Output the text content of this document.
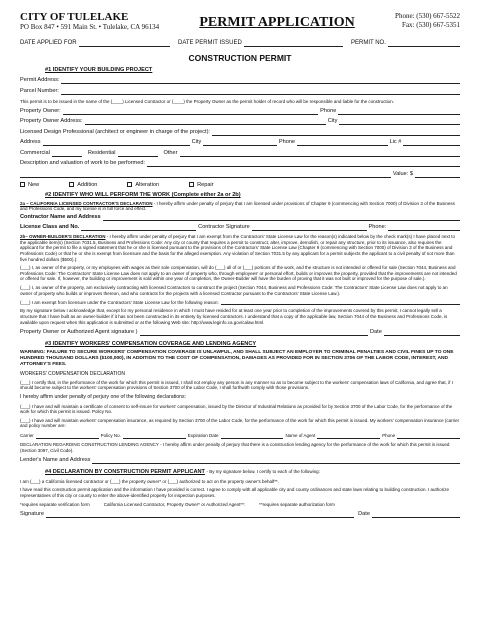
CITY OF TULELAKE
PO Box 847 • 591 Main St. • Tulelake, CA 96134	PERMIT APPLICATION	Phone: (530) 667-5522
Fax: (530) 667-5351
DATE APPLIED FOR	DATE PERMIT ISSUED	PERMIT NO.
CONSTRUCTION PERMIT
#1 IDENTIFY YOUR BUILDING PROJECT
Permit Address:
Parcel Number:
This permit is to be issued in the name of the (____) Licensed Contractor or (____) the Property Owner as the permit holder of record who will be responsible and liable for the construction.
Property Owner:	Phone
Property Owner Address:	City
Licensed Design Professional (architect or engineer in charge of the project):
Address	City	Phone	Lic #
Commercial	Residential	Other
Description and valuation of work to be performed:
Value: $
New	Addition	Alteration	Repair
#2 IDENTIFY WHO WILL PERFORM THE WORK (Complete either 2a or 2b)
2a – CALIFORNIA LICENSED CONTRACTOR'S DECLARATION - I hereby affirm under penalty of perjury that I am licensed under provisions of Chapter 9 (commencing with Section 7000) of Division 3 of the Business and Professions Code, and my license is in full force and effect.
Contractor Name and Address
License Class and No.	Contractor Signature	Phone:
2b– OWNER-BUILDER'S DECLARATION - I hereby affirm under penalty of perjury that I am exempt from the Contractors' State License Law for the reason(s) indicated below by the check mark(s) I have placed next to the applicable item(s) (Section 7031.5, Business and Professions Code: Any city or county that requires a permit to construct, alter, improve, demolish, or repair any structure, prior to its issuance, also requires the applicant for the permit to file a signed statement that he or she is licensed pursuant to the provisions of the Contractors' State License Law (Chapter 9 (commencing with Section 7000) of Division 3 of the Business and Professions Code) or that he or she is exempt from licensure and the basis for the alleged exemption. Any violation of Section 7031.5 by any applicant for a permit subjects the applicant to a civil penalty of not more than five hundred dollars ($500).):
(___) I, as owner of the property, or my employees with wages as their sole compensation, will do (___) all of or (___) portions of the work, and the structure is not intended or offered for sale (Section 7044, Business and Professions Code: The Contractors' State License Law does not apply to an owner of property who, through employees' or personal effort, builds or improves the property, provided that the improvements are not intended or offered for sale. If, however, the building or improvement is sold within one year of completion, the Owner-Builder will have the burden of proving that it was not built or improved for the purpose of sale.).
(___) I, as owner of the property, am exclusively contracting with licensed Contractors to construct the project (Section 7044, Business and Professions Code: The Contractors' State License Law does not apply to an owner of property who builds or improves thereon, and who contracts for the projects with a licensed Contractor pursuant to the Contractors' State License Law.).
(___) I am exempt from licensure under the Contractors' State License Law for the following reason:
By my signature below I acknowledge that, except for my personal residence in which I must have resided for at least one year prior to completion of the improvements covered by this permit, I cannot legally sell a structure that I have built as an owner-builder if it has not been constructed in its entirety by licensed contractors. I understand that a copy of the applicable law, Section 7044 of the Business and Professions Code, is available upon request when this application is submitted or at the following Web site: http://www.leginfo.ca.gov/calaw.html.
Property Owner or Authorized Agent signature )	Date
#3 IDENTIFY WORKERS' COMPENSATION COVERAGE AND LENDING AGENCY
WARNING: FAILURE TO SECURE WORKERS' COMPENSATION COVERAGE IS UNLAWFUL, AND SHALL SUBJECT AN EMPLOYER TO CRIMINAL PENALTIES AND CIVIL FINES UP TO ONE HUNDRED THOUSAND DOLLARS ($100,000), IN ADDITION TO THE COST OF COMPENSATION, DAMAGES AS PROVIDED FOR IN SECTION 3706 OF THE LABOR CODE, INTEREST, AND ATTORNEY'S FEES.
WORKERS' COMPENSATION DECLARATION
(___) I certify that, in the performance of the work for which this permit is issued, I shall not employ any person in any manner so as to become subject to the workers' compensation laws of California, and agree that, if I should become subject to the workers' compensation provisions of Section 3700 of the Labor Code, I shall forthwith comply with those provisions.
I hereby affirm under penalty of perjury one of the following declarations:
(___) I have and will maintain a certificate of consent to self-insure for workers' compensation, issued by the Director of Industrial Relations as provided for by Section 3700 of the Labor Code, for the performance of the work for which this permit is issued. Policy No.
(___) I have and will maintain workers' compensation insurance, as required by Section 3700 of the Labor Code, for the performance of the work for which this permit is issued. My workers' compensation insurance (carrier and policy number are:
Carrier	Policy No.	Expiration Date	Name of Agent	Phone
DECLARATION REGARDING CONSTRUCTION LENDING AGENCY - I hereby affirm under penalty of perjury that there is a construction lending agency for the performance of the work for which this permit is issued (Section 3097, Civil Code).
Lender's Name and Address
#4 DECLARATION BY CONSTRUCTION PERMIT APPLICANT - By my signature below, I certify to each of the following:
I am (___) a California licensed contractor or (___) the property owner* or (___) authorized to act on the property owner's behalf**.
I have read this construction permit application and the information I have provided is correct. I agree to comply with all applicable city and county ordinances and state laws relating to building construction. I authorize representatives of this city or county to enter the above-identified property for inspection purposes.
*requires separate verification form	California Licensed Contractor, Property Owner* or Authorized Agent**:	**requires separate authorization form
Signature	Date
